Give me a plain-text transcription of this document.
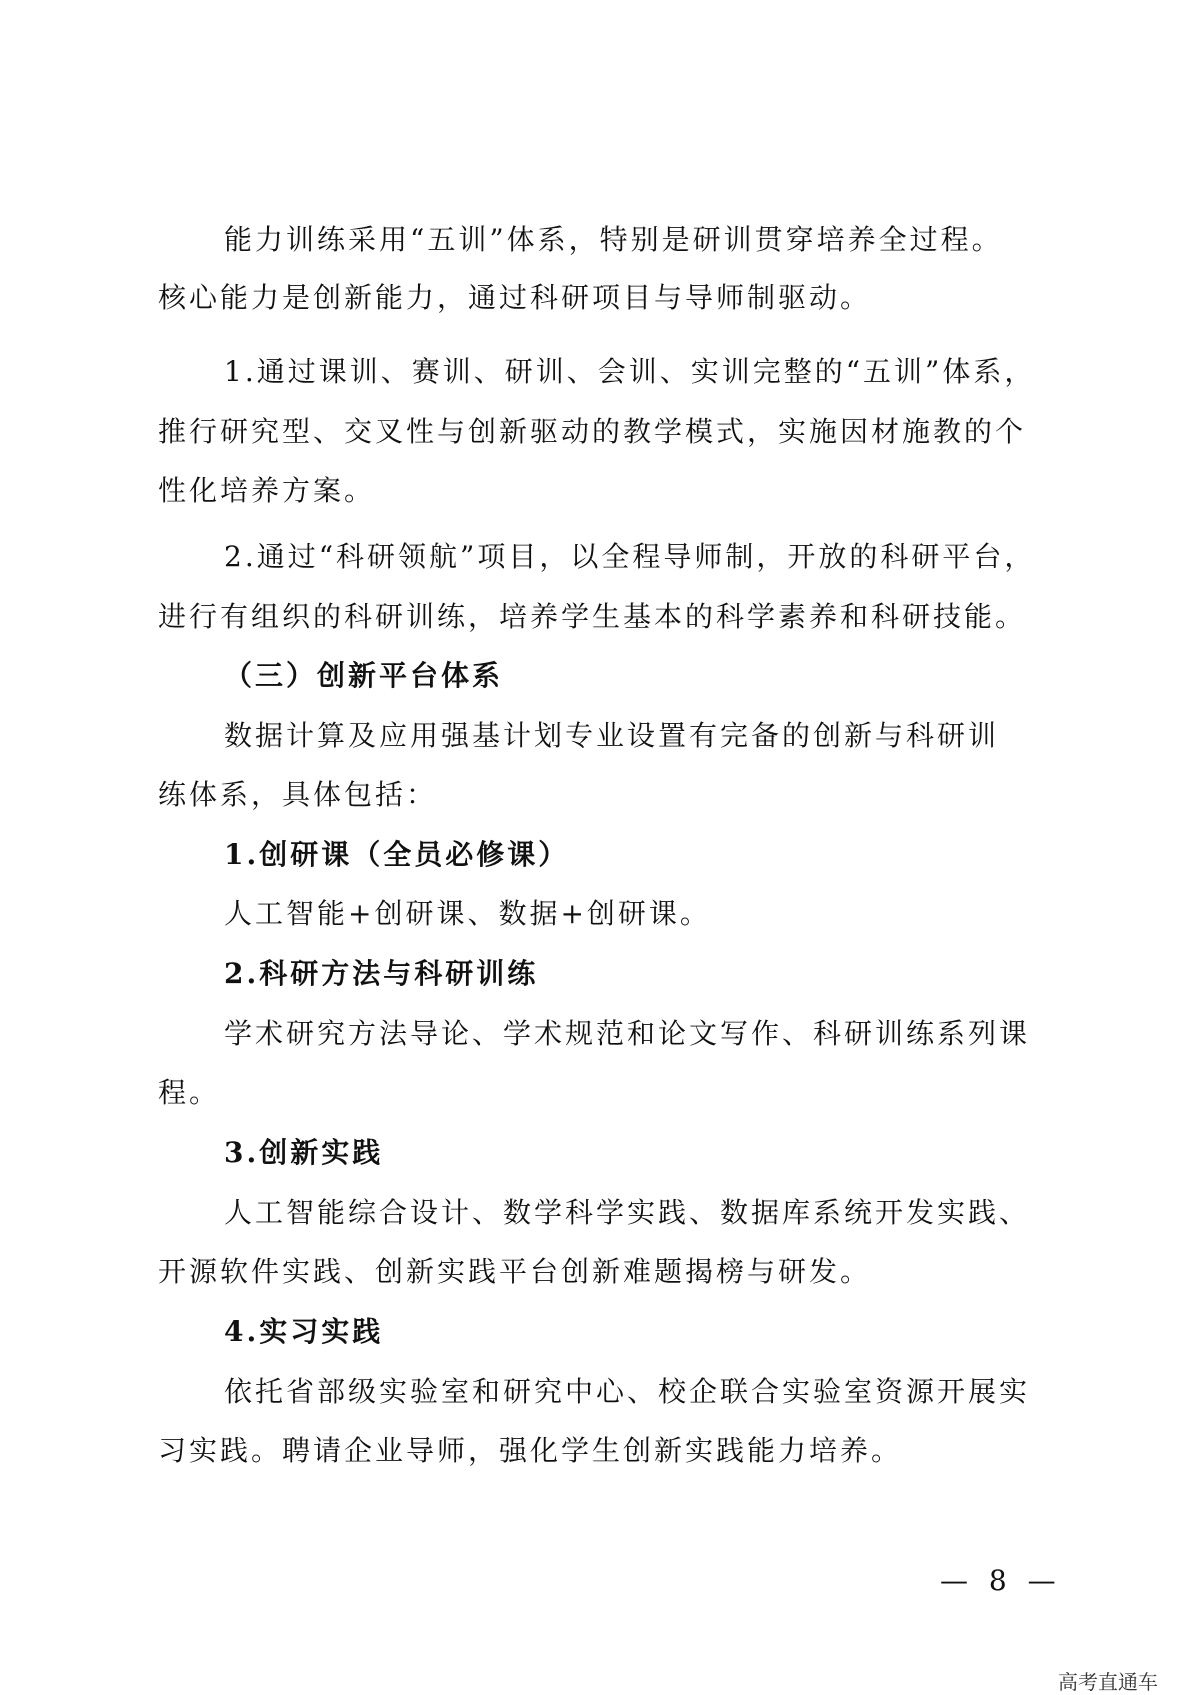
能力训练采用“五训”体系，特别是研训贯穿培养全过程。
核心能力是创新能力，通过科研项目与导师制驱动。
1.通过课训、赛训、研训、会训、实训完整的“五训”体系，
推行研究型、交叉性与创新驱动的教学模式，实施因材施教的个
性化培养方案。
2.通过“科研领航”项目，以全程导师制，开放的科研平台，
进行有组织的科研训练，培养学生基本的科学素养和科研技能。
（三）创新平台体系
数据计算及应用强基计划专业设置有完备的创新与科研训
练体系，具体包括：
1.创研课（全员必修课）
人工智能+创研课、数据+创研课。
2.科研方法与科研训练
学术研究方法导论、学术规范和论文写作、科研训练系列课
程。
3.创新实践
人工智能综合设计、数学科学实践、数据库系统开发实践、
开源软件实践、创新实践平台创新难题揭榜与研发。
4.实习实践
依托省部级实验室和研究中心、校企联合实验室资源开展实
习实践。聘请企业导师，强化学生创新实践能力培养。
— 8 —
高考直通车
